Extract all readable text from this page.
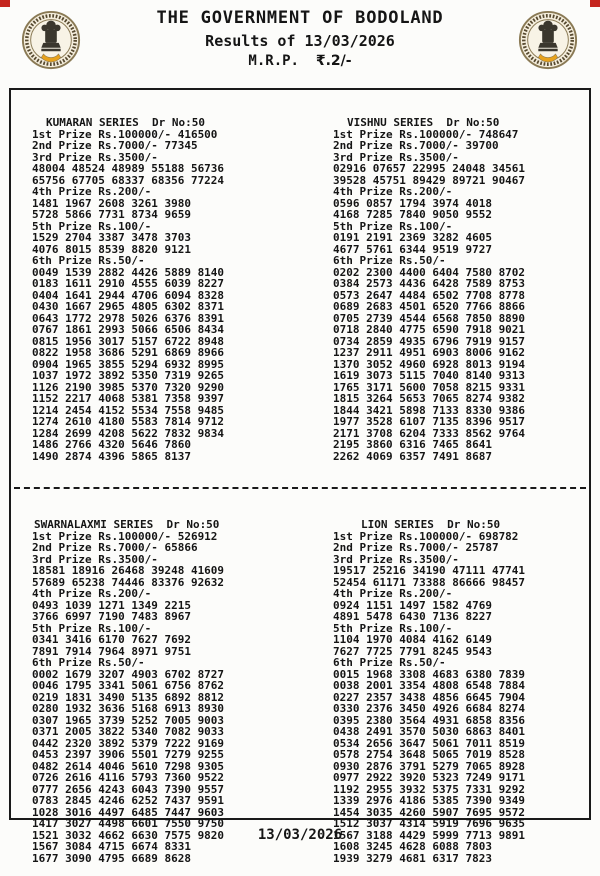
THE GOVERNMENT OF BODOLAND
Results of 13/03/2026
M.R.P. ₹.2/-

KUMARAN SERIES  Dr No:50
1st Prize Rs.100000/- 416500
2nd Prize Rs.7000/- 77345
3rd Prize Rs.3500/-
48004 48524 48989 55188 56736
65756 67705 68337 68356 77224
4th Prize Rs.200/-
1481 1967 2608 3261 3980
5728 5866 7731 8734 9659
5th Prize Rs.100/-
1529 2704 3387 3478 3703
4076 8015 8539 8820 9121
6th Prize Rs.50/-
0049 1539 2882 4426 5889 8140
0183 1611 2910 4555 6039 8227
0404 1641 2944 4706 6094 8328
0430 1667 2965 4805 6302 8371
0643 1772 2978 5026 6376 8391
0767 1861 2993 5066 6506 8434
0815 1956 3017 5157 6722 8948
0822 1958 3686 5291 6869 8966
0904 1965 3855 5294 6932 8995
1037 1972 3892 5350 7319 9265
1126 2190 3985 5370 7320 9290
1152 2217 4068 5381 7358 9397
1214 2454 4152 5534 7558 9485
1274 2610 4180 5583 7814 9712
1284 2699 4208 5622 7832 9834
1486 2766 4320 5646 7860
1490 2874 4396 5865 8137
VISHNU SERIES  Dr No:50
1st Prize Rs.100000/- 748647
2nd Prize Rs.7000/- 39700
3rd Prize Rs.3500/-
02916 07657 22995 24048 34561
39528 45751 89429 89721 90467
4th Prize Rs.200/-
0596 0857 1794 3974 4018
4168 7285 7840 9050 9552
5th Prize Rs.100/-
0191 2191 2369 3282 4605
4677 5761 6344 9519 9727
6th Prize Rs.50/-
0202 2300 4400 6404 7580 8702
0384 2573 4436 6428 7589 8753
0573 2647 4484 6502 7708 8778
0689 2683 4501 6520 7766 8866
0705 2739 4544 6568 7850 8890
0718 2840 4775 6590 7918 9021
0734 2859 4935 6796 7919 9157
1237 2911 4951 6903 8006 9162
1370 3052 4960 6928 8013 9194
1619 3073 5115 7040 8140 9313
1765 3171 5600 7058 8215 9331
1815 3264 5653 7065 8274 9382
1844 3421 5898 7133 8330 9386
1977 3528 6107 7135 8396 9517
2171 3708 6204 7333 8562 9764
2195 3860 6316 7465 8641
2262 4069 6357 7491 8687

SWARNALAXMI SERIES  Dr No:50
1st Prize Rs.100000/- 526912
2nd Prize Rs.7000/- 65866
3rd Prize Rs.3500/-
18581 18916 26468 39248 41609
57689 65238 74446 83376 92632
4th Prize Rs.200/-
0493 1039 1271 1349 2215
3766 6997 7190 7483 8967
5th Prize Rs.100/-
0341 3416 6170 7627 7692
7891 7914 7964 8971 9751
6th Prize Rs.50/-
0002 1679 3207 4903 6702 8727
0046 1795 3341 5061 6756 8762
0219 1831 3490 5135 6892 8812
0280 1932 3636 5168 6913 8930
0307 1965 3739 5252 7005 9003
0371 2005 3822 5340 7082 9033
0442 2320 3892 5379 7222 9169
0453 2397 3906 5501 7279 9255
0482 2614 4046 5610 7298 9305
0726 2616 4116 5793 7360 9522
0777 2656 4243 6043 7390 9557
0783 2845 4246 6252 7437 9591
1028 3016 4497 6485 7447 9603
1417 3027 4498 6601 7550 9750
1521 3032 4662 6630 7575 9820
1567 3084 4715 6674 8331
1677 3090 4795 6689 8628
LION SERIES  Dr No:50
1st Prize Rs.100000/- 698782
2nd Prize Rs.7000/- 25787
3rd Prize Rs.3500/-
19517 25216 34190 47111 47741
52454 61171 73388 86666 98457
4th Prize Rs.200/-
0924 1151 1497 1582 4769
4891 5478 6430 7136 8227
5th Prize Rs.100/-
1104 1970 4084 4162 6149
7627 7725 7791 8245 9543
6th Prize Rs.50/-
0015 1968 3308 4683 6380 7839
0038 2001 3354 4808 6548 7884
0227 2357 3438 4856 6645 7904
0330 2376 3450 4926 6684 8274
0395 2380 3564 4931 6858 8356
0438 2491 3570 5030 6863 8401
0534 2656 3647 5061 7011 8519
0578 2754 3648 5065 7019 8528
0930 2876 3791 5279 7065 8928
0977 2922 3920 5323 7249 9171
1192 2955 3932 5375 7331 9292
1339 2976 4186 5385 7390 9349
1454 3035 4260 5907 7695 9572
1512 3037 4314 5919 7696 9635
1567 3188 4429 5999 7713 9891
1608 3245 4628 6088 7803
1939 3279 4681 6317 7823

13/03/2026
